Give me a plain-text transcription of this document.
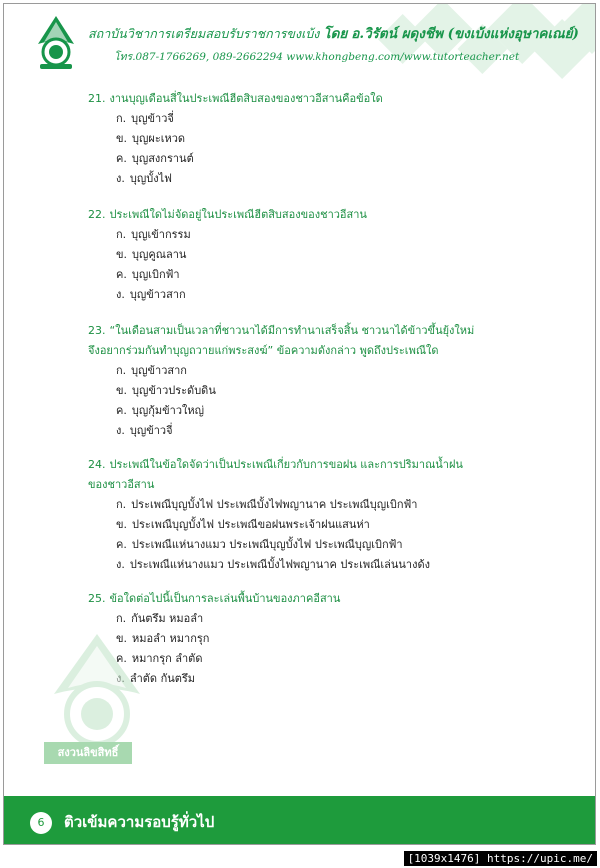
สถาบันวิชาการเตรียมสอบรับราชการขงเบ้ง โดย อ.วิรัตน์ ผดุงชีพ (ขงเบ้งแห่งอุษาคเณย์)
โทร.087-1766269, 089-2662294 www.khongbeng.com/www.tutorteacher.net
21. งานบุญเดือนสี่ในประเพณีฮีตสิบสองของชาวอีสานคือข้อใด
ก. บุญข้าวจี่
ข. บุญผะเหวด
ค. บุญสงกรานต์
ง. บุญบั้งไฟ
22. ประเพณีใดไม่จัดอยู่ในประเพณีฮีตสิบสองของชาวอีสาน
ก. บุญเข้ากรรม
ข. บุญคูณลาน
ค. บุญเบิกฟ้า
ง. บุญข้าวสาก
23. “ในเดือนสามเป็นเวลาที่ชาวนาได้มีการทำนาเสร็จสิ้น ชาวนาได้ข้าวขึ้นยุ้งใหม่
จึงอยากร่วมกันทำบุญถวายแก่พระสงฆ์” ข้อความดังกล่าว พูดถึงประเพณีใด
ก. บุญข้าวสาก
ข. บุญข้าวประดับดิน
ค. บุญกุ้มข้าวใหญ่
ง. บุญข้าวจี่
24. ประเพณีในข้อใดจัดว่าเป็นประเพณีเกี่ยวกับการขอฝน และการปริมาณน้ำฝน
ของชาวอีสาน
ก. ประเพณีบุญบั้งไฟ ประเพณีบั้งไฟพญานาค ประเพณีบุญเบิกฟ้า
ข. ประเพณีบุญบั้งไฟ ประเพณีขอฝนพระเจ้าฝนแสนห่า
ค. ประเพณีแห่นางแมว ประเพณีบุญบั้งไฟ ประเพณีบุญเบิกฟ้า
ง. ประเพณีแห่นางแมว ประเพณีบั้งไฟพญานาค ประเพณีเล่นนางด้ง
25. ข้อใดต่อไปนี้เป็นการละเล่นพื้นบ้านของภาคอีสาน
ก. กันตรึม หมอลำ
ข. หมอลำ หมากรุก
ค. หมากรุก ลำตัด
ลำตัด กันตรึม
สงวนลิขสิทธิ์
6	ติวเข้มความรอบรู้ทั่วไป
[1039x1476] https://upic.me/
